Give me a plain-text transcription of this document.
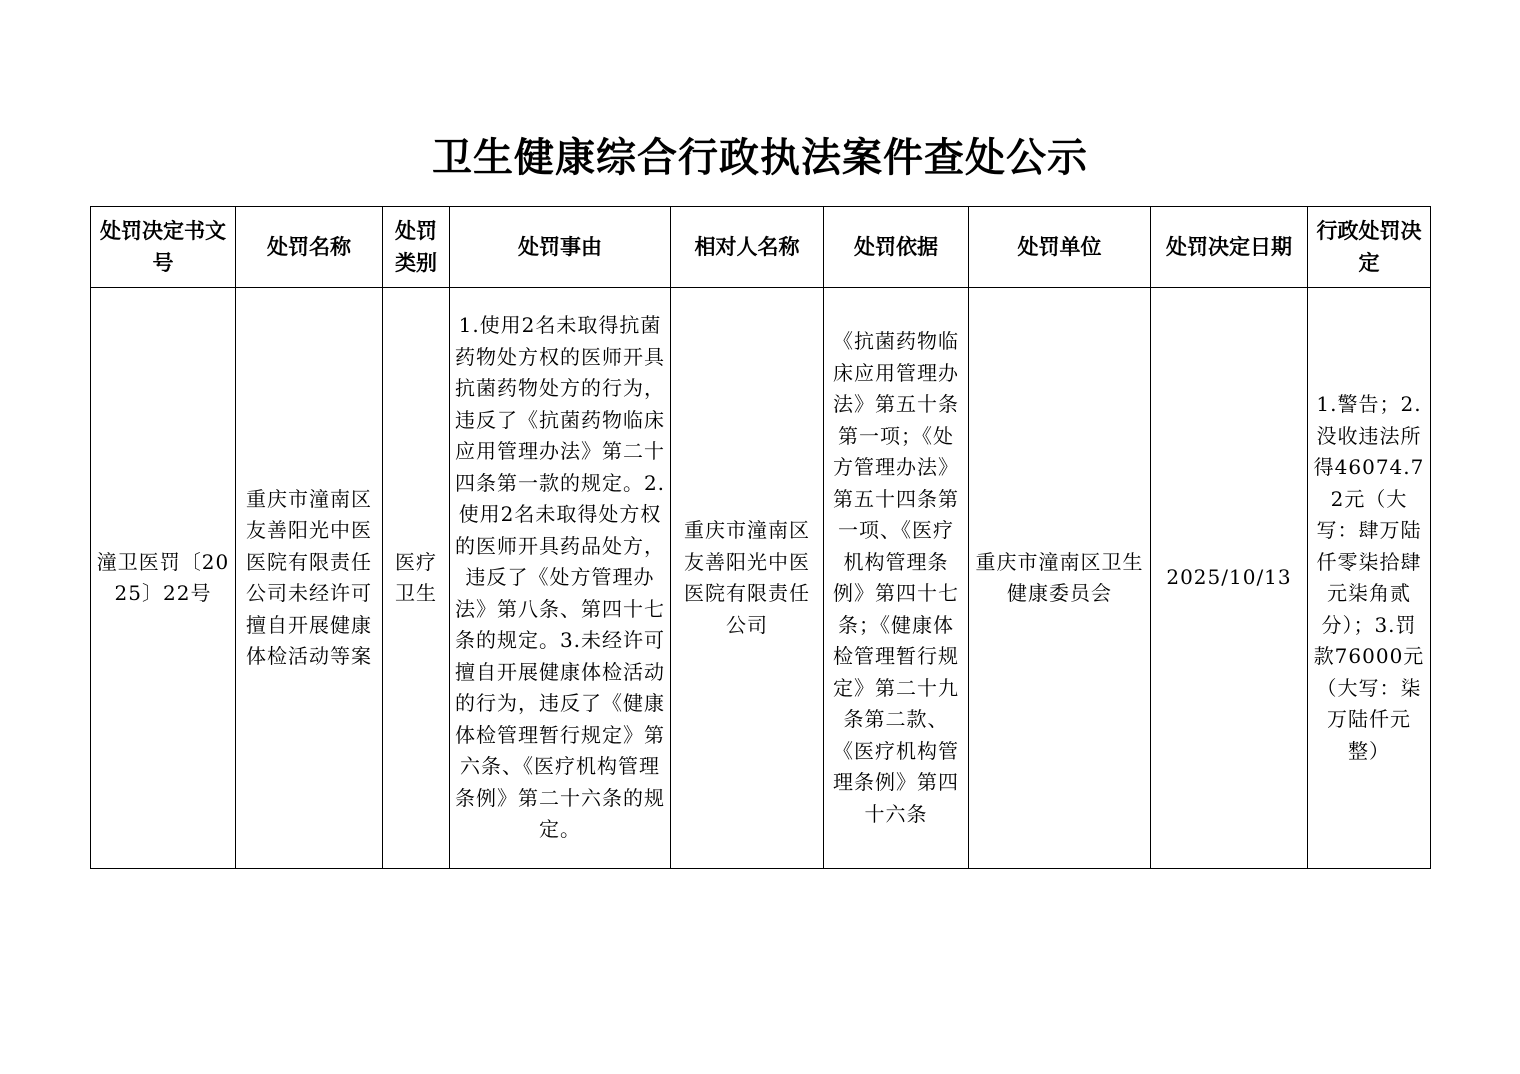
卫生健康综合行政执法案件查处公示
处罚决定书文号	处罚名称	处罚类别	处罚事由	相对人名称	处罚依据	处罚单位	处罚决定日期	行政处罚决定
潼卫医罚〔2025〕22号	重庆市潼南区友善阳光中医医院有限责任公司未经许可擅自开展健康体检活动等案	医疗卫生	1.使用2名未取得抗菌药物处方权的医师开具抗菌药物处方的行为，违反了《抗菌药物临床应用管理办法》第二十四条第一款的规定。2.使用2名未取得处方权的医师开具药品处方，违反了《处方管理办法》第八条、第四十七条的规定。3.未经许可擅自开展健康体检活动的行为，违反了《健康体检管理暂行规定》第六条、《医疗机构管理条例》第二十六条的规定。	重庆市潼南区友善阳光中医医院有限责任公司	《抗菌药物临床应用管理办法》第五十条第一项；《处方管理办法》第五十四条第一项、《医疗机构管理条例》第四十七条；《健康体检管理暂行规定》第二十九条第二款、《医疗机构管理条例》第四十六条	重庆市潼南区卫生健康委员会	2025/10/13	1.警告；2.没收违法所得46074.72元（大写：肆万陆仟零柒拾肆元柒角贰分）；3.罚款76000元（大写：柒万陆仟元整）
